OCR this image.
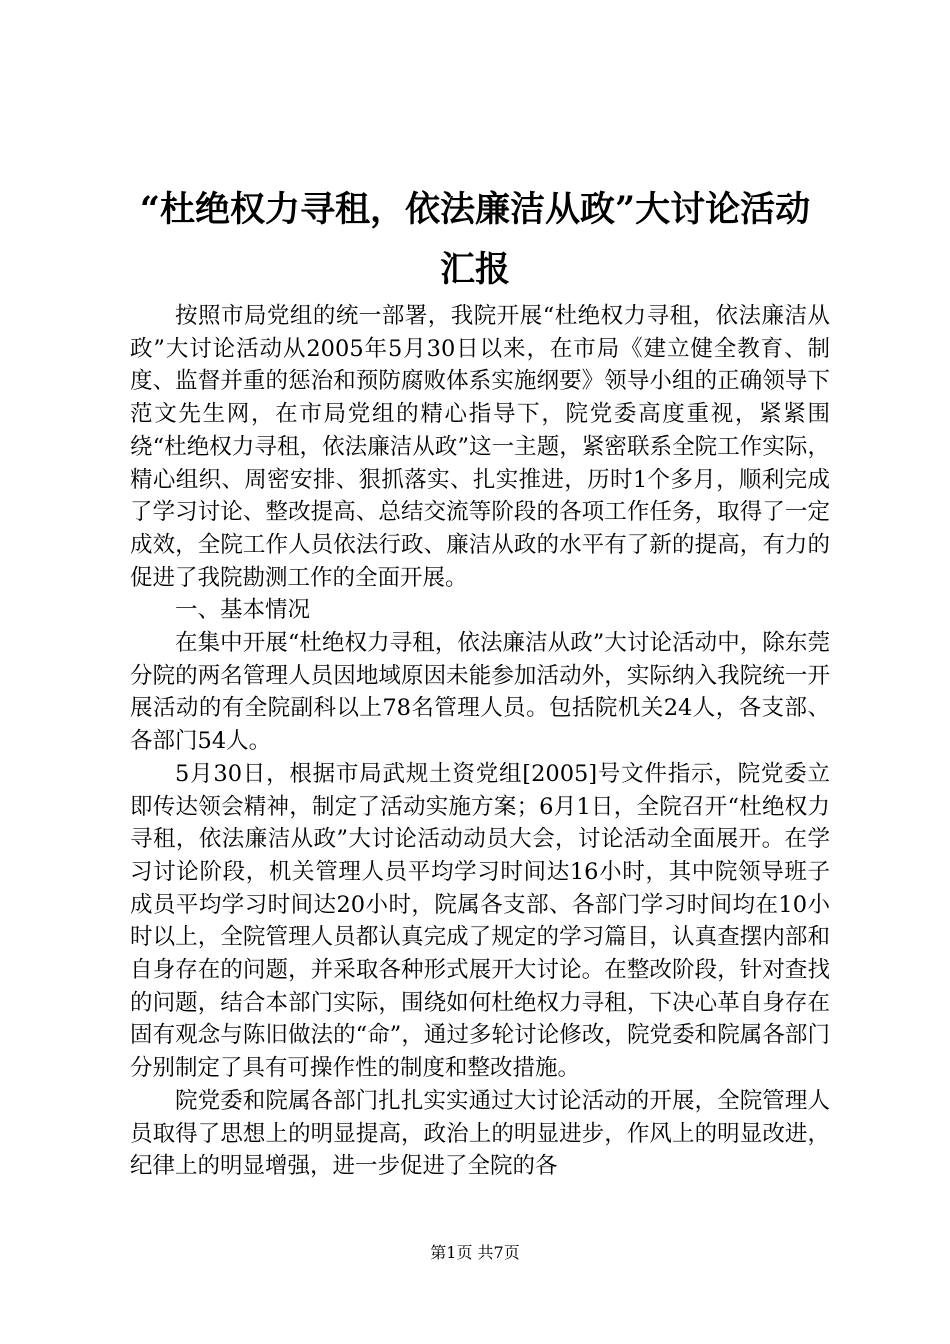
“杜绝权力寻租，依法廉洁从政”大讨论活动
汇报

按照市局党组的统一部署，我院开展“杜绝权力寻租，依法廉洁从政”大讨论活动从2005年5月30日以来，在市局《建立健全教育、制度、监督并重的惩治和预防腐败体系实施纲要》领导小组的正确领导下范文先生网，在市局党组的精心指导下，院党委高度重视，紧紧围绕“杜绝权力寻租，依法廉洁从政”这一主题，紧密联系全院工作实际，精心组织、周密安排、狠抓落实、扎实推进，历时1个多月，顺利完成了学习讨论、整改提高、总结交流等阶段的各项工作任务，取得了一定成效，全院工作人员依法行政、廉洁从政的水平有了新的提高，有力的促进了我院勘测工作的全面开展。

一、基本情况

在集中开展“杜绝权力寻租，依法廉洁从政”大讨论活动中，除东莞分院的两名管理人员因地域原因未能参加活动外，实际纳入我院统一开展活动的有全院副科以上78名管理人员。包括院机关24人，各支部、各部门54人。

5月30日，根据市局武规土资党组[2005]号文件指示，院党委立即传达领会精神，制定了活动实施方案；6月1日，全院召开“杜绝权力寻租，依法廉洁从政”大讨论活动动员大会，讨论活动全面展开。在学习讨论阶段，机关管理人员平均学习时间达16小时，其中院领导班子成员平均学习时间达20小时，院属各支部、各部门学习时间均在10小时以上，全院管理人员都认真完成了规定的学习篇目，认真查摆内部和自身存在的问题，并采取各种形式展开大讨论。在整改阶段，针对查找的问题，结合本部门实际，围绕如何杜绝权力寻租，下决心革自身存在固有观念与陈旧做法的“命”，通过多轮讨论修改，院党委和院属各部门分别制定了具有可操作性的制度和整改措施。

院党委和院属各部门扎扎实实通过大讨论活动的开展，全院管理人员取得了思想上的明显提高，政治上的明显进步，作风上的明显改进，纪律上的明显增强，进一步促进了全院的各

第1页 共7页
